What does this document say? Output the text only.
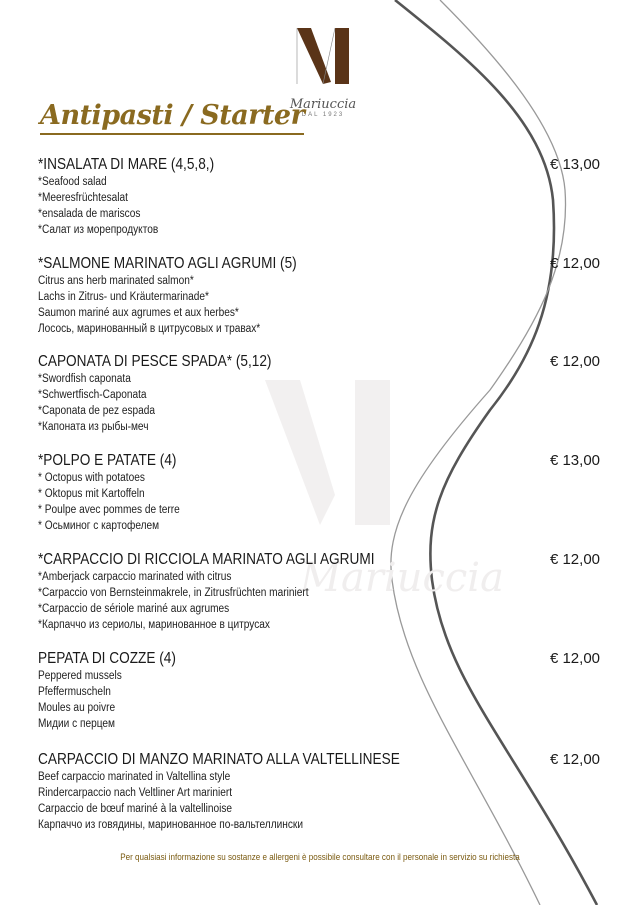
Mariuccia
Mariuccia
DAL 1923
Antipasti / Starter
*INSALATA DI MARE (4,5,8,)	€ 13,00
*Seafood salad
*Meeresfrüchtesalat
*ensalada de mariscos
*Салат из морепродуктов
*SALMONE MARINATO AGLI AGRUMI (5)	€ 12,00
Citrus ans herb marinated salmon*
Lachs in Zitrus- und Kräutermarinade*
Saumon mariné aux agrumes et aux herbes*
Лосось, маринованный в цитрусовых и травах*
CAPONATA DI PESCE SPADA* (5,12)	€ 12,00
*Swordfish caponata
*Schwertfisch-Caponata
*Caponata de pez espada
*Капоната из рыбы-меч
*POLPO E PATATE (4)	€ 13,00
* Octopus with potatoes
* Oktopus mit Kartoffeln
* Poulpe avec pommes de terre
* Осьминог с картофелем
*CARPACCIO DI RICCIOLA MARINATO AGLI AGRUMI	€ 12,00
*Amberjack carpaccio marinated with citrus
*Carpaccio von Bernsteinmakrele, in Zitrusfrüchten mariniert
*Carpaccio de sériole mariné aux agrumes
*Карпаччо из сериолы, маринованное в цитрусах
PEPATA DI COZZE (4)	€ 12,00
Peppered mussels
Pfeffermuscheln
Moules au poivre
Мидии с перцем
CARPACCIO DI MANZO MARINATO ALLA VALTELLINESE	€ 12,00
Beef carpaccio marinated in Valtellina style
Rindercarpaccio nach Veltliner Art mariniert
Carpaccio de bœuf mariné à la valtellinoise
Карпаччо из говядины, маринованное по-вальтеллински
Per qualsiasi informazione su sostanze e allergeni è possibile consultare con il personale in servizio su richiesta
